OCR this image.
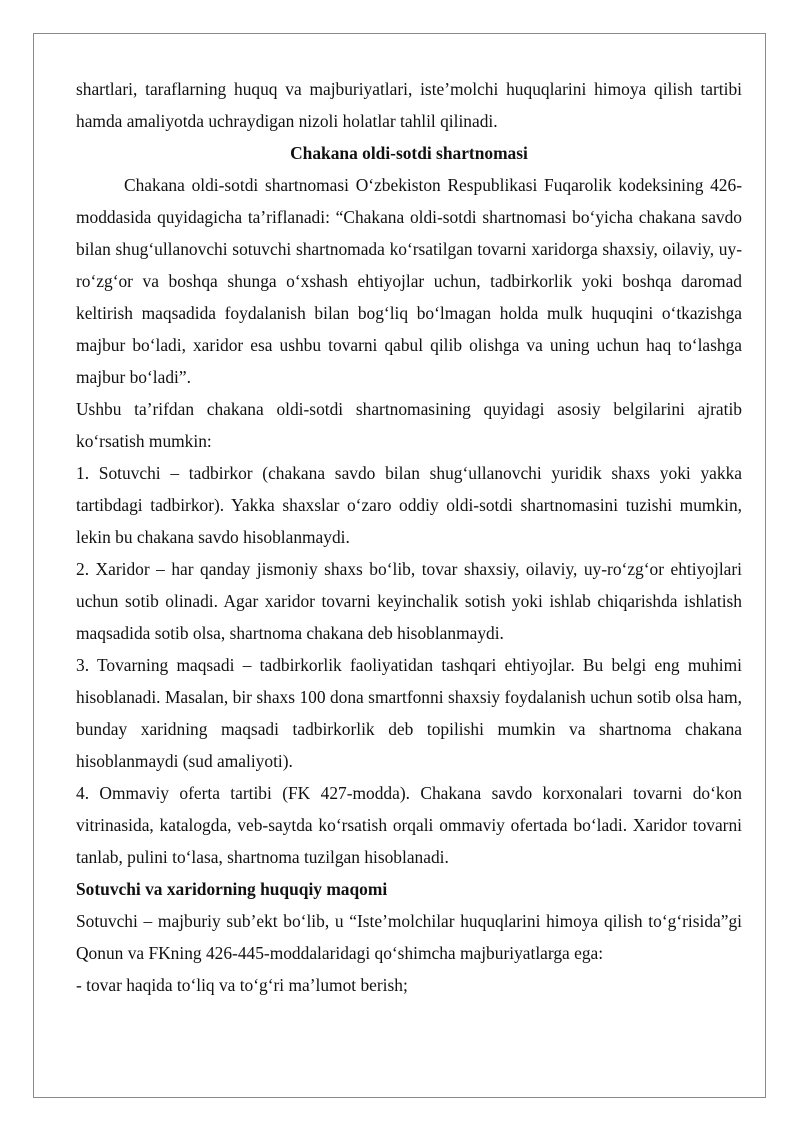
shartlari, taraflarning huquq va majburiyatlari, iste’molchi huquqlarini himoya qilish tartibi hamda amaliyotda uchraydigan nizoli holatlar tahlil qilinadi.

Chakana oldi-sotdi shartnomasi

Chakana oldi-sotdi shartnomasi O‘zbekiston Respublikasi Fuqarolik kodeksining 426-moddasida quyidagicha ta’riflanadi: “Chakana oldi-sotdi shartnomasi bo‘yicha chakana savdo bilan shug‘ullanovchi sotuvchi shartnomada ko‘rsatilgan tovarni xaridorga shaxsiy, oilaviy, uy-ro‘zg‘or va boshqa shunga o‘xshash ehtiyojlar uchun, tadbirkorlik yoki boshqa daromad keltirish maqsadida foydalanish bilan bog‘liq bo‘lmagan holda mulk huquqini o‘tkazishga majbur bo‘ladi, xaridor esa ushbu tovarni qabul qilib olishga va uning uchun haq to‘lashga majbur bo‘ladi”.

Ushbu ta’rifdan chakana oldi-sotdi shartnomasining quyidagi asosiy belgilarini ajratib ko‘rsatish mumkin:

1. Sotuvchi – tadbirkor (chakana savdo bilan shug‘ullanovchi yuridik shaxs yoki yakka tartibdagi tadbirkor). Yakka shaxslar o‘zaro oddiy oldi-sotdi shartnomasini tuzishi mumkin, lekin bu chakana savdo hisoblanmaydi.

2. Xaridor – har qanday jismoniy shaxs bo‘lib, tovar shaxsiy, oilaviy, uy-ro‘zg‘or ehtiyojlari uchun sotib olinadi. Agar xaridor tovarni keyinchalik sotish yoki ishlab chiqarishda ishlatish maqsadida sotib olsa, shartnoma chakana deb hisoblanmaydi.

3. Tovarning maqsadi – tadbirkorlik faoliyatidan tashqari ehtiyojlar. Bu belgi eng muhimi hisoblanadi. Masalan, bir shaxs 100 dona smartfonni shaxsiy foydalanish uchun sotib olsa ham, bunday xaridning maqsadi tadbirkorlik deb topilishi mumkin va shartnoma chakana hisoblanmaydi (sud amaliyoti).

4. Ommaviy oferta tartibi (FK 427-modda). Chakana savdo korxonalari tovarni do‘kon vitrinasida, katalogda, veb-saytda ko‘rsatish orqali ommaviy ofertada bo‘ladi. Xaridor tovarni tanlab, pulini to‘lasa, shartnoma tuzilgan hisoblanadi.

Sotuvchi va xaridorning huquqiy maqomi

Sotuvchi – majburiy sub’ekt bo‘lib, u “Iste’molchilar huquqlarini himoya qilish to‘g‘risida”gi Qonun va FKning 426-445-moddalaridagi qo‘shimcha majburiyatlarga ega:

- tovar haqida to‘liq va to‘g‘ri ma’lumot berish;
